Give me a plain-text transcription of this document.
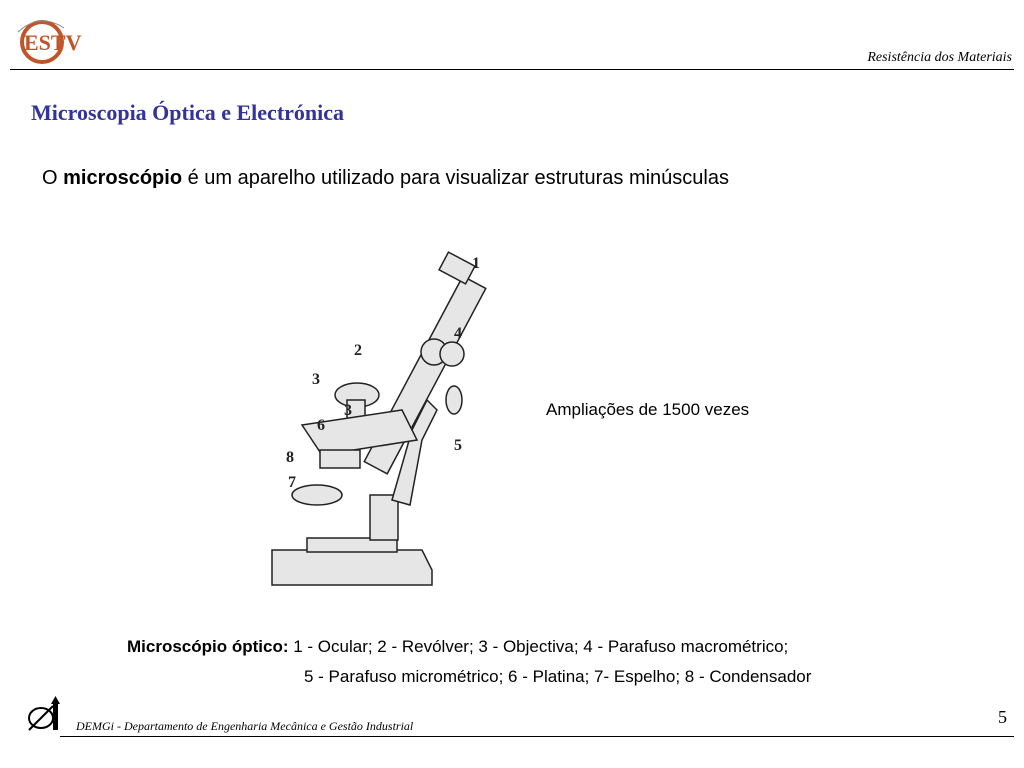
ESTV
Resistência dos Materiais
Microscopia Óptica e Electrónica
O microscópio é um aparelho utilizado para visualizar estruturas minúsculas
1
2
3
3
4
5
6
7
8
Ampliações de 1500 vezes
Microscópio óptico: 1 - Ocular; 2 - Revólver; 3 - Objectiva; 4 - Parafuso macrométrico;
5 - Parafuso micrométrico; 6 - Platina; 7- Espelho; 8 - Condensador
5
DEMGi - Departamento de Engenharia Mecânica e Gestão Industrial
